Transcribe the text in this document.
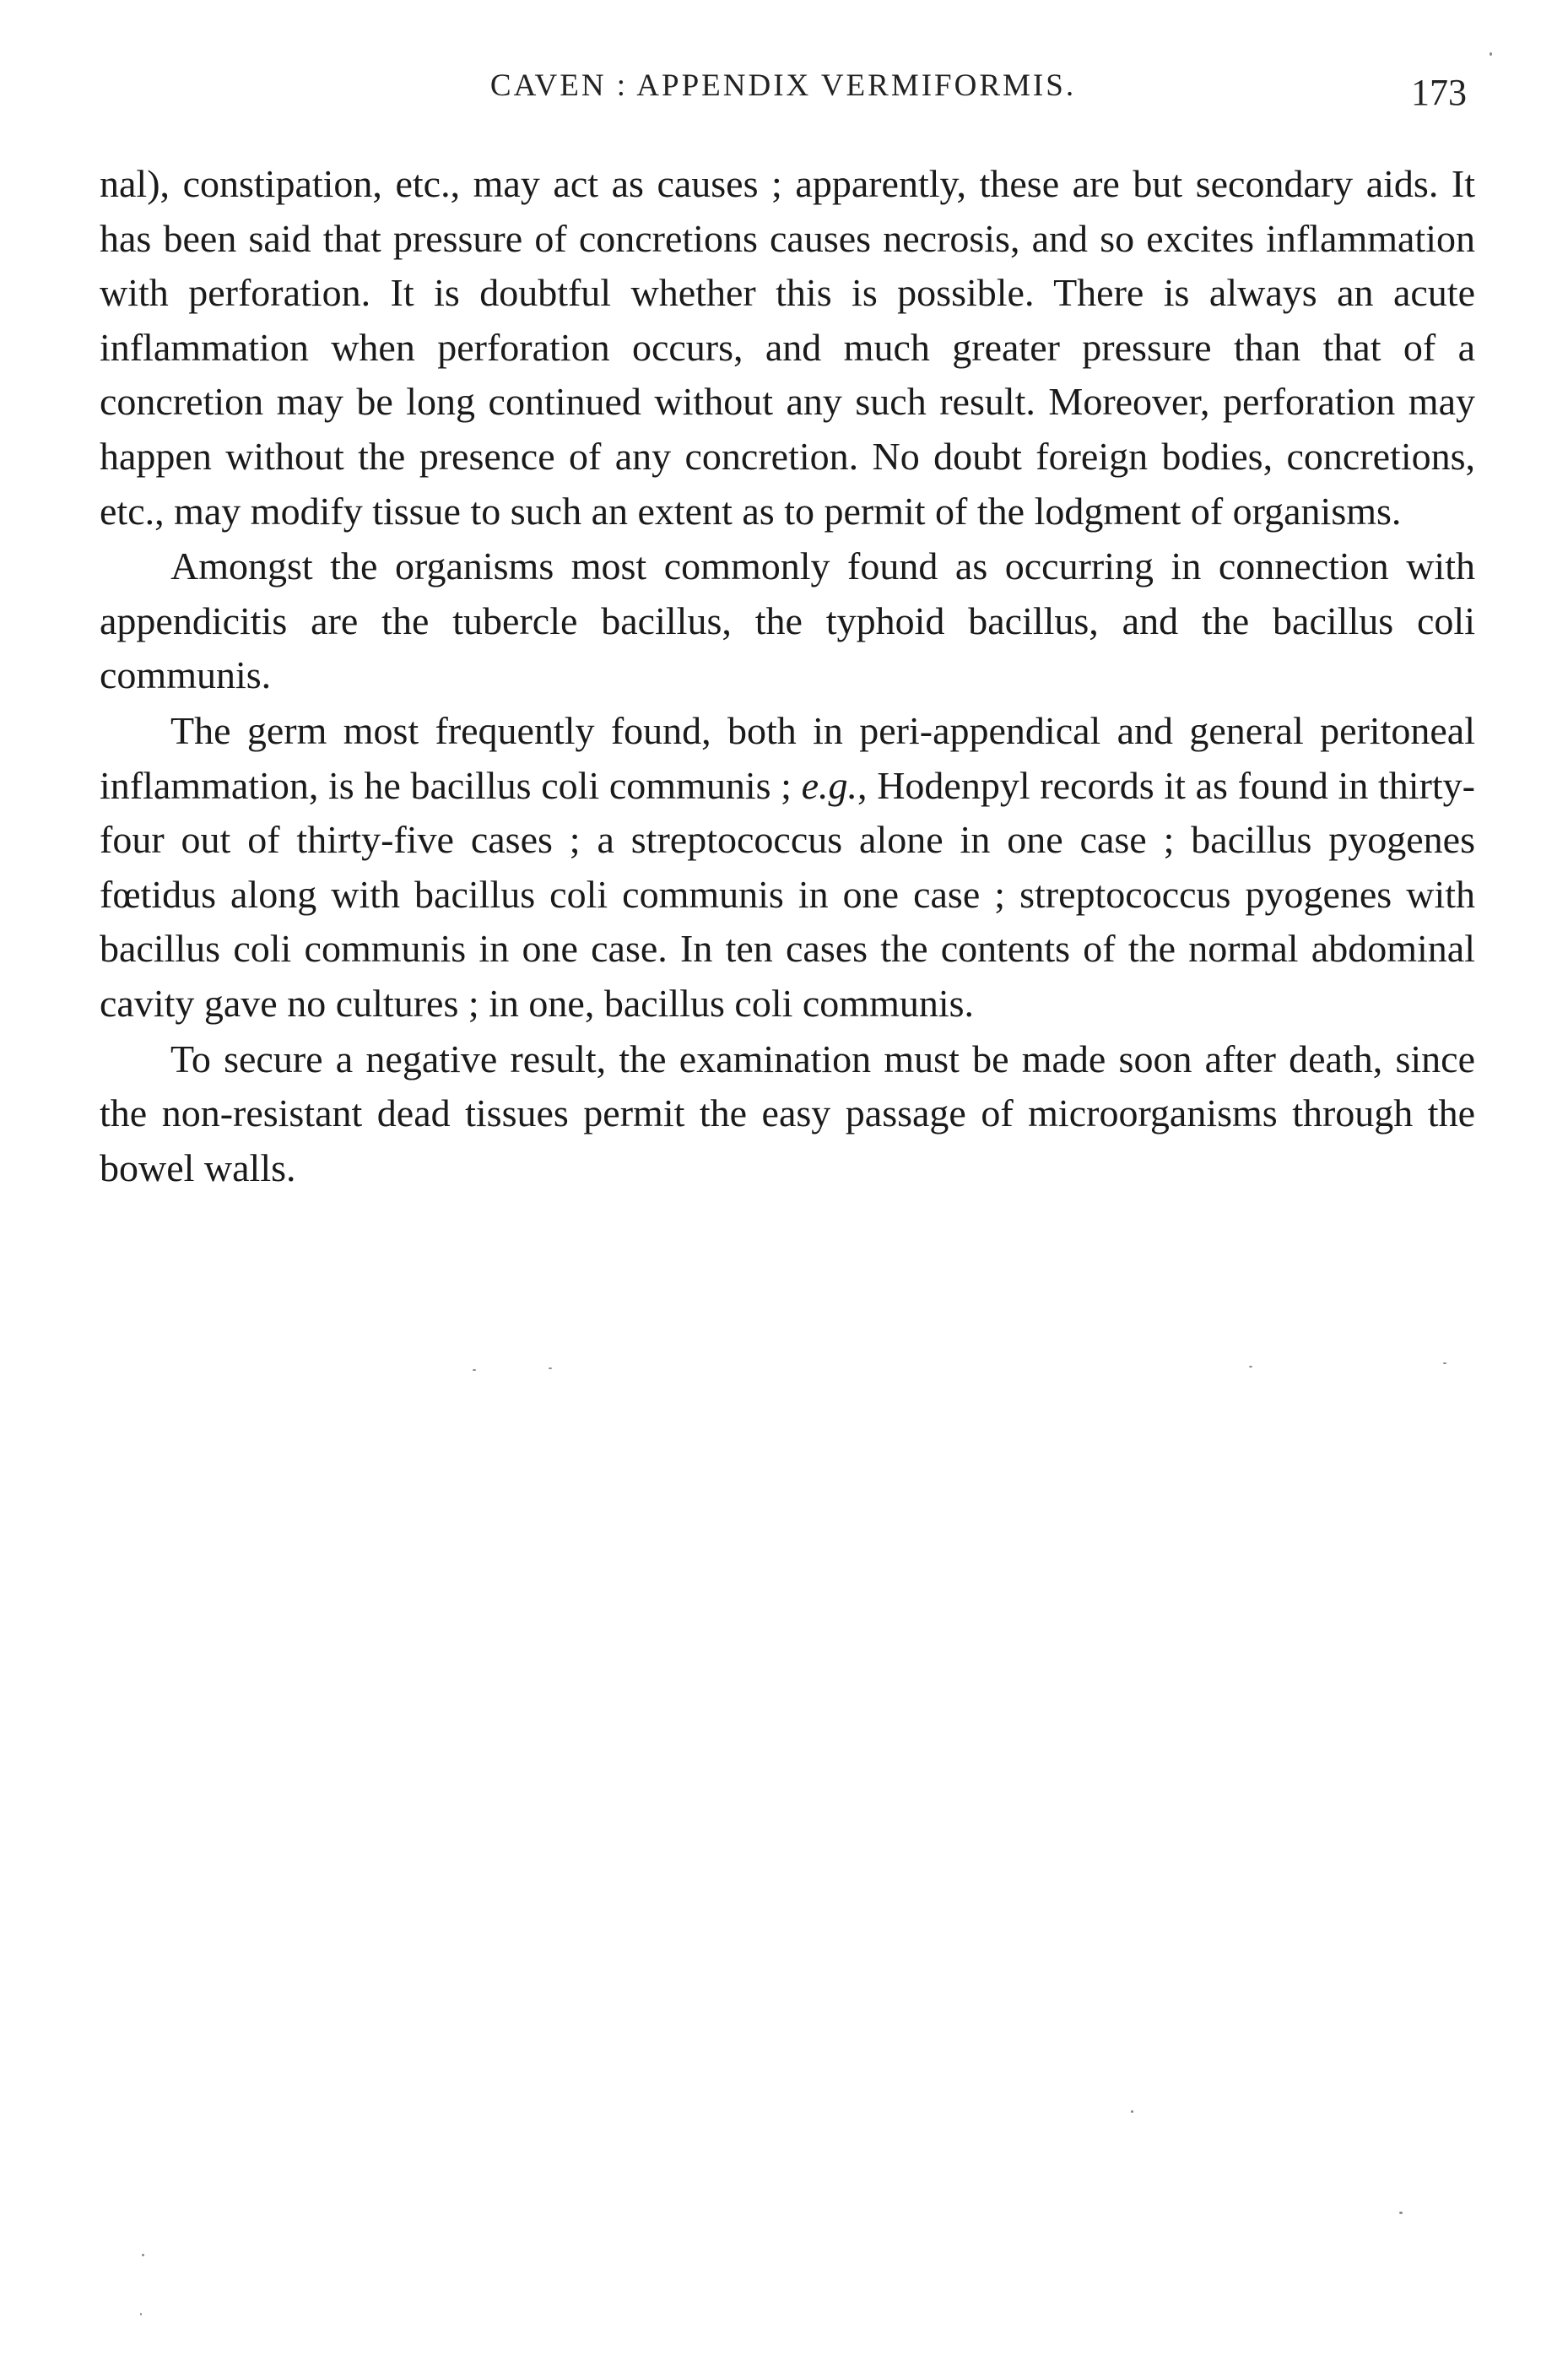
CAVEN : APPENDIX VERMIFORMIS.	173

nal), constipation, etc., may act as causes ; apparently, these are but secondary aids. It has been said that pressure of concretions causes necrosis, and so excites inflammation with perforation. It is doubtful whether this is possible. There is always an acute inflammation when perforation occurs, and much greater pressure than that of a concretion may be long continued without any such result. Moreover, perforation may happen without the presence of any concretion. No doubt foreign bodies, concretions, etc., may modify tissue to such an extent as to permit of the lodgment of organisms.

Amongst the organisms most commonly found as occurring in connection with appendicitis are the tubercle bacillus, the typhoid bacillus, and the bacillus coli communis.

The germ most frequently found, both in peri-appendical and general peritoneal inflammation, is he bacillus coli communis ; e.g., Hodenpyl records it as found in thirty-four out of thirty-five cases ; a streptococcus alone in one case ; bacillus pyogenes fœtidus along with bacillus coli communis in one case ; streptococcus pyogenes with bacillus coli communis in one case. In ten cases the contents of the normal abdominal cavity gave no cultures ; in one, bacillus coli communis.

To secure a negative result, the examination must be made soon after death, since the non-resistant dead tissues permit the easy passage of microorganisms through the bowel walls.
